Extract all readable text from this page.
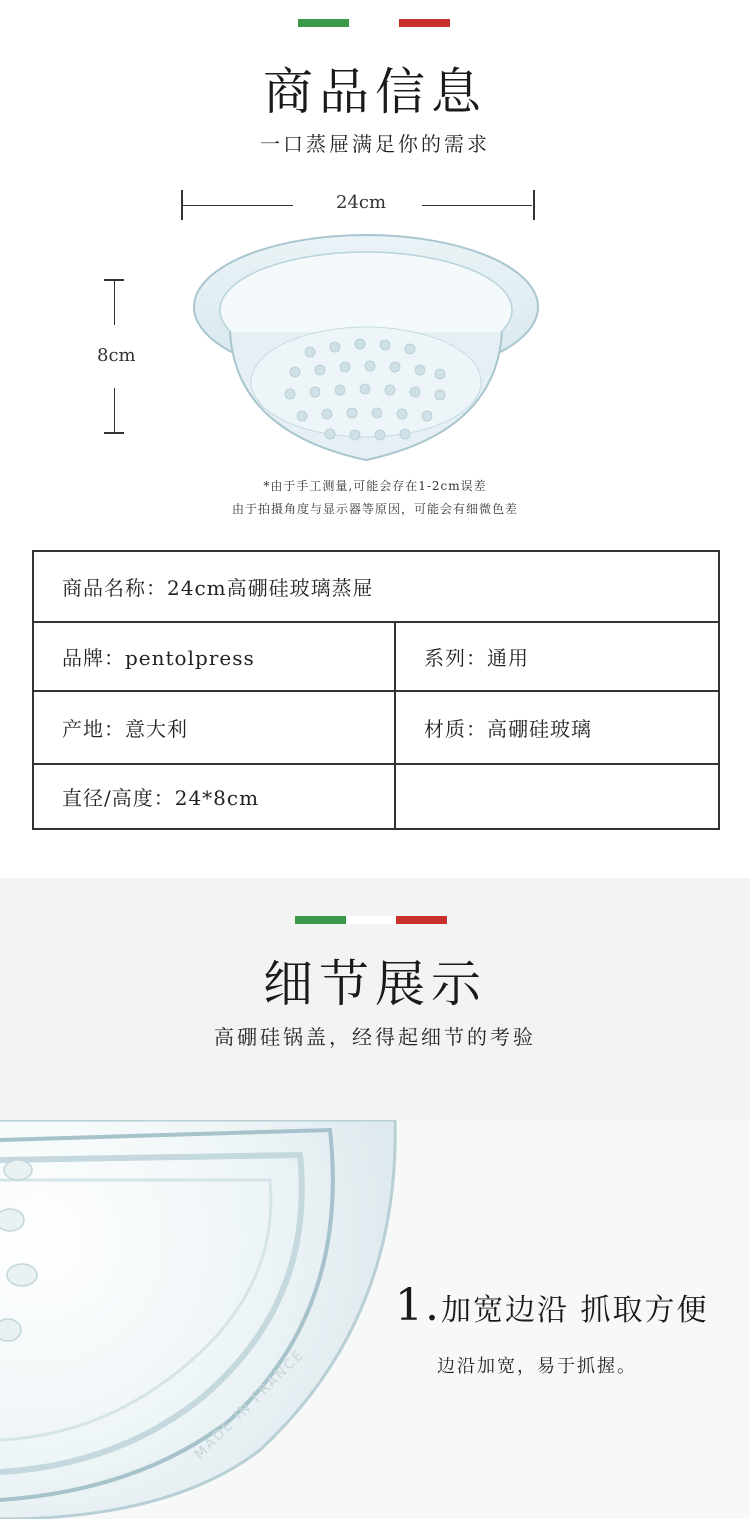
商品信息
一口蒸屉满足你的需求
24cm
8cm
*由于手工测量,可能会存在1-2cm误差
由于拍摄角度与显示器等原因，可能会有细微色差
商品名称：24cm高硼硅玻璃蒸屉
品牌：pentolpress	系列：通用
产地：意大利	材质：高硼硅玻璃
直径/高度：24*8cm
细节展示
高硼硅锅盖，经得起细节的考验
MADE IN FRANCE
1.加宽边沿 抓取方便
边沿加宽，易于抓握。
